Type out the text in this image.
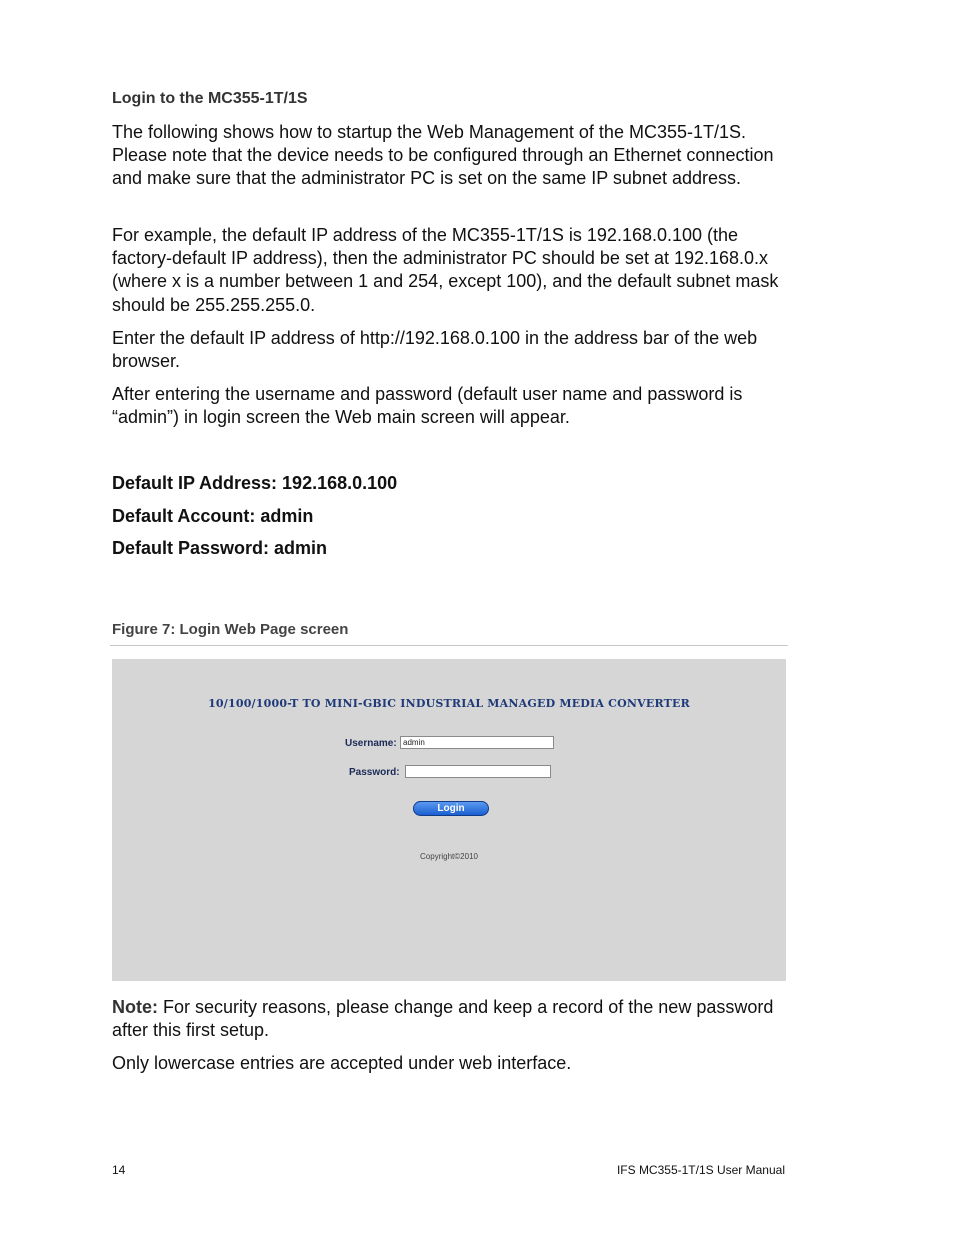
Login to the MC355-1T/1S

The following shows how to startup the Web Management of the MC355-1T/1S. Please note that the device needs to be configured through an Ethernet connection and make sure that the administrator PC is set on the same IP subnet address.

For example, the default IP address of the MC355-1T/1S is 192.168.0.100 (the factory-default IP address), then the administrator PC should be set at 192.168.0.x (where x is a number between 1 and 254, except 100), and the default subnet mask should be 255.255.255.0.

Enter the default IP address of http://192.168.0.100 in the address bar of the web browser.

After entering the username and password (default user name and password is “admin”) in login screen the Web main screen will appear.

Default IP Address: 192.168.0.100

Default Account: admin

Default Password: admin

Figure 7: Login Web Page screen

10/100/1000-T TO MINI-GBIC INDUSTRIAL MANAGED MEDIA CONVERTER

Username: admin
Password:
Login
Copyright©2010

Note: For security reasons, please change and keep a record of the new password after this first setup.

Only lowercase entries are accepted under web interface.

14	IFS MC355-1T/1S User Manual
